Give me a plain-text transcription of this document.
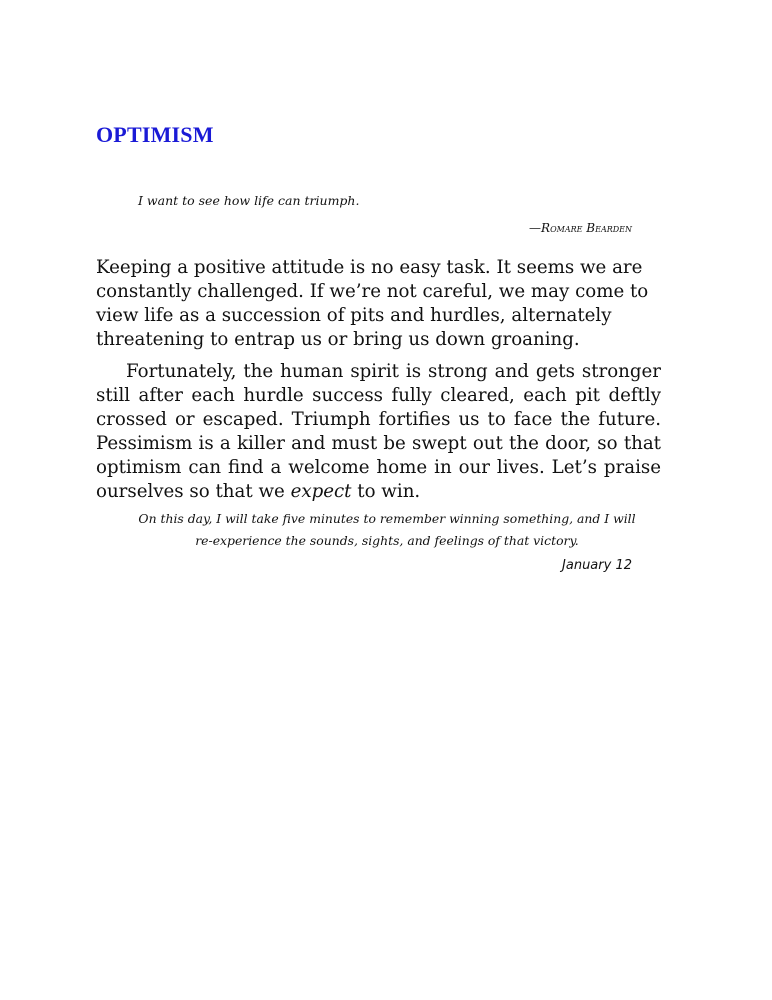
OPTIMISM
I want to see how life can triumph.
—Romare Bearden

Keeping a positive attitude is no easy task. It seems we are constantly challenged. If we’re not careful, we may come to view life as a succession of pits and hurdles, alternately threatening to entrap us or bring us down groaning.

Fortunately, the human spirit is strong and gets stronger still after each hurdle success fully cleared, each pit deftly crossed or escaped. Triumph fortifies us to face the future. Pessimism is a killer and must be swept out the door, so that optimism can find a welcome home in our lives. Let’s praise ourselves so that we expect to win.

On this day, I will take five minutes to remember winning something, and I will re-experience the sounds, sights, and feelings of that victory.
January 12
